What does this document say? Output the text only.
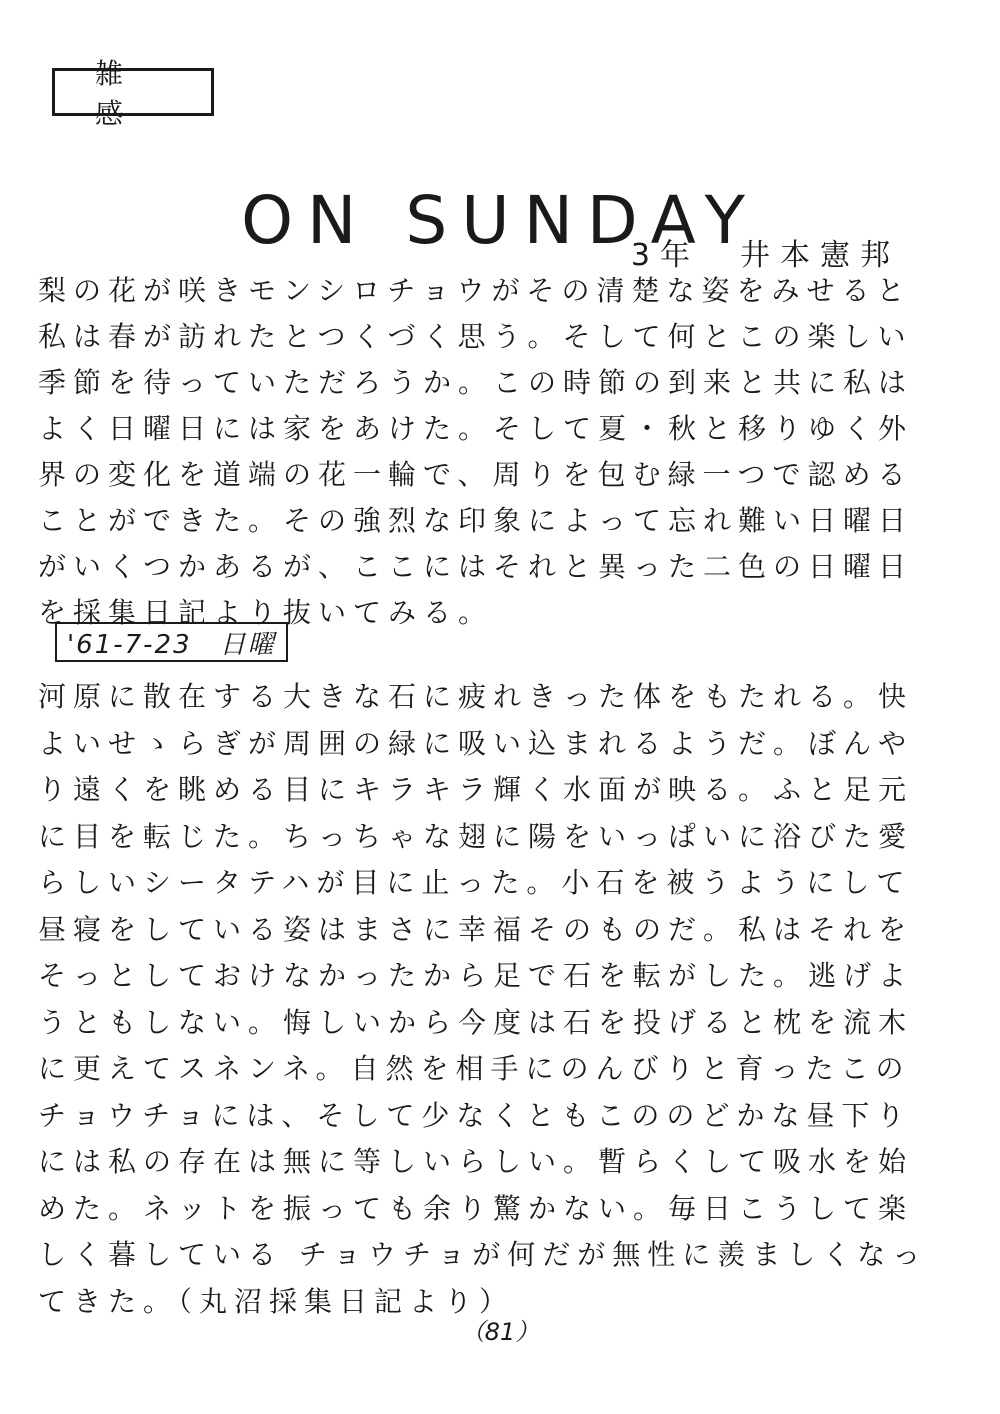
雑感
ON SUNDAY
3年　井本憲邦

梨の花が咲きモンシロチョウがその清楚な姿をみせると私は春が訪れたとつくづく思う。そして何とこの楽しい季節を待っていただろうか。この時節の到来と共に私はよく日曜日には家をあけた。そして夏・秋と移りゆく外界の変化を道端の花一輪で、周りを包む緑一つで認めることができた。その強烈な印象によって忘れ難い日曜日がいくつかあるが、ここにはそれと異った二色の日曜日を採集日記より抜いてみる。

'61-7-23　日曜

河原に散在する大きな石に疲れきった体をもたれる。快よいせゝらぎが周囲の緑に吸い込まれるようだ。ぼんやり遠くを眺める目にキラキラ輝く水面が映る。ふと足元に目を転じた。ちっちゃな翅に陽をいっぱいに浴びた愛らしいシータテハが目に止った。小石を被うようにして昼寝をしている姿はまさに幸福そのものだ。私はそれをそっとしておけなかったから足で石を転がした。逃げようともしない。悔しいから今度は石を投げると枕を流木に更えてスネンネ。自然を相手にのんびりと育ったこのチョウチョには、そして少なくともこののどかな昼下りには私の存在は無に等しいらしい。暫らくして吸水を始めた。ネットを振っても余り驚かない。毎日こうして楽しく暮している チョウチョが何だが無性に羨ましくなってきた。（丸沼採集日記より）

（81）
